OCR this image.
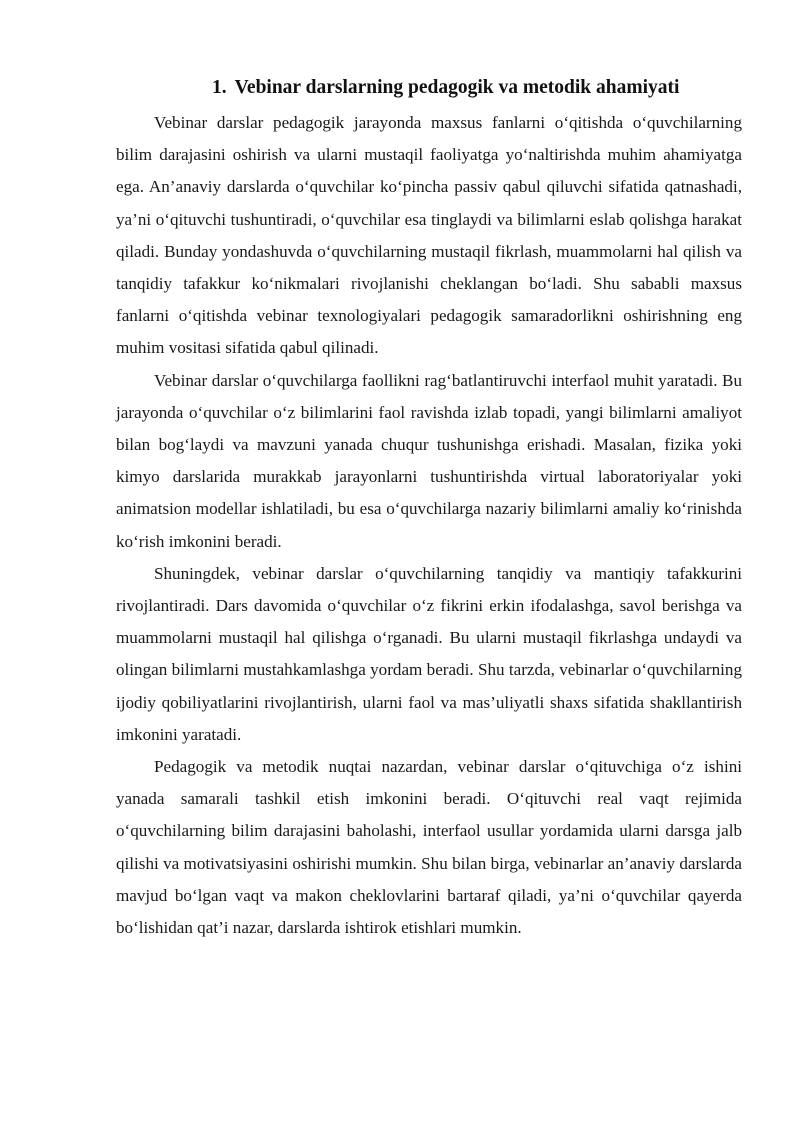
1. Vebinar darslarning pedagogik va metodik ahamiyati

Vebinar darslar pedagogik jarayonda maxsus fanlarni o‘qitishda o‘quvchilarning bilim darajasini oshirish va ularni mustaqil faoliyatga yo‘naltirishda muhim ahamiyatga ega. An’anaviy darslarda o‘quvchilar ko‘pincha passiv qabul qiluvchi sifatida qatnashadi, ya’ni o‘qituvchi tushuntiradi, o‘quvchilar esa tinglaydi va bilimlarni eslab qolishga harakat qiladi. Bunday yondashuvda o‘quvchilarning mustaqil fikrlash, muammolarni hal qilish va tanqidiy tafakkur ko‘nikmalari rivojlanishi cheklangan bo‘ladi. Shu sababli maxsus fanlarni o‘qitishda vebinar texnologiyalari pedagogik samaradorlikni oshirishning eng muhim vositasi sifatida qabul qilinadi.

Vebinar darslar o‘quvchilarga faollikni rag‘batlantiruvchi interfaol muhit yaratadi. Bu jarayonda o‘quvchilar o‘z bilimlarini faol ravishda izlab topadi, yangi bilimlarni amaliyot bilan bog‘laydi va mavzuni yanada chuqur tushunishga erishadi. Masalan, fizika yoki kimyo darslarida murakkab jarayonlarni tushuntirishda virtual laboratoriyalar yoki animatsion modellar ishlatiladi, bu esa o‘quvchilarga nazariy bilimlarni amaliy ko‘rinishda ko‘rish imkonini beradi.

Shuningdek, vebinar darslar o‘quvchilarning tanqidiy va mantiqiy tafakkurini rivojlantiradi. Dars davomida o‘quvchilar o‘z fikrini erkin ifodalashga, savol berishga va muammolarni mustaqil hal qilishga o‘rganadi. Bu ularni mustaqil fikrlashga undaydi va olingan bilimlarni mustahkamlashga yordam beradi. Shu tarzda, vebinarlar o‘quvchilarning ijodiy qobiliyatlarini rivojlantirish, ularni faol va mas’uliyatli shaxs sifatida shakllantirish imkonini yaratadi.

Pedagogik va metodik nuqtai nazardan, vebinar darslar o‘qituvchiga o‘z ishini yanada samarali tashkil etish imkonini beradi. O‘qituvchi real vaqt rejimida o‘quvchilarning bilim darajasini baholashi, interfaol usullar yordamida ularni darsga jalb qilishi va motivatsiyasini oshirishi mumkin. Shu bilan birga, vebinarlar an’anaviy darslarda mavjud bo‘lgan vaqt va makon cheklovlarini bartaraf qiladi, ya’ni o‘quvchilar qayerda bo‘lishidan qat’i nazar, darslarda ishtirok etishlari mumkin.
